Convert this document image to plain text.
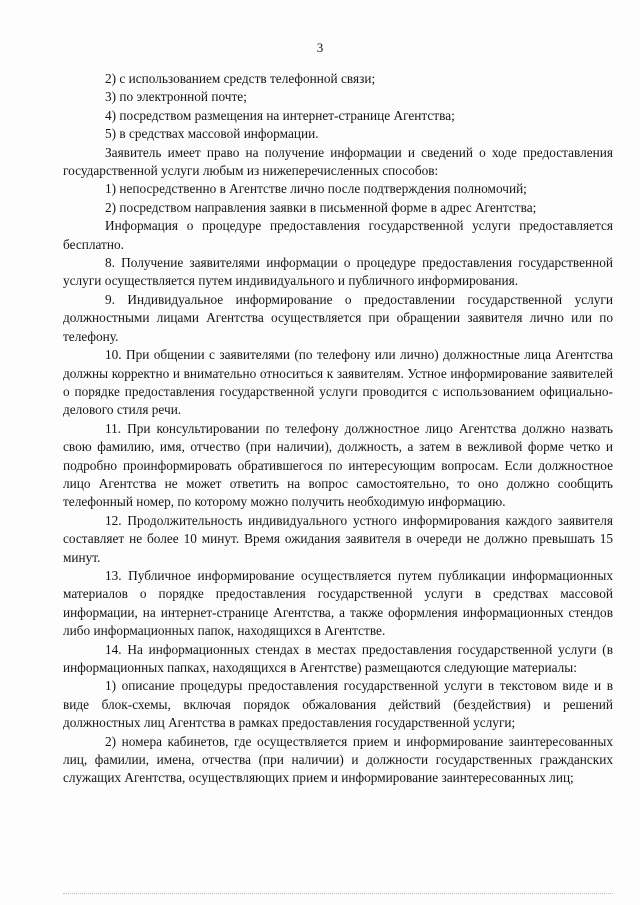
3

2) с использованием средств телефонной связи;

3) по электронной почте;

4) посредством размещения на интернет-странице Агентства;

5) в средствах массовой информации.

Заявитель имеет право на получение информации и сведений о ходе предоставления государственной услуги любым из нижеперечисленных способов:

1) непосредственно в Агентстве лично после подтверждения полномочий;

2) посредством направления заявки в письменной форме в адрес Агентства;

Информация о процедуре предоставления государственной услуги предоставляется бесплатно.

8. Получение заявителями информации о процедуре предоставления государственной услуги осуществляется путем индивидуального и публичного информирования.

9. Индивидуальное информирование о предоставлении государственной услуги должностными лицами Агентства осуществляется при обращении заявителя лично или по телефону.

10. При общении с заявителями (по телефону или лично) должностные лица Агентства должны корректно и внимательно относиться к заявителям. Устное информирование заявителей о порядке предоставления государственной услуги проводится с использованием официально-делового стиля речи.

11. При консультировании по телефону должностное лицо Агентства должно назвать свою фамилию, имя, отчество (при наличии), должность, а затем в вежливой форме четко и подробно проинформировать обратившегося по интересующим вопросам. Если должностное лицо Агентства не может ответить на вопрос самостоятельно, то оно должно сообщить телефонный номер, по которому можно получить необходимую информацию.

12. Продолжительность индивидуального устного информирования каждого заявителя составляет не более 10 минут. Время ожидания заявителя в очереди не должно превышать 15 минут.

13. Публичное информирование осуществляется путем публикации информационных материалов о порядке предоставления государственной услуги в средствах массовой информации, на интернет-странице Агентства, а также оформления информационных стендов либо информационных папок, находящихся в Агентстве.

14. На информационных стендах в местах предоставления государственной услуги (в информационных папках, находящихся в Агентстве) размещаются следующие материалы:

1) описание процедуры предоставления государственной услуги в текстовом виде и в виде блок-схемы, включая порядок обжалования действий (бездействия) и решений должностных лиц Агентства в рамках предоставления государственной услуги;

2) номера кабинетов, где осуществляется прием и информирование заинтересованных лиц, фамилии, имена, отчества (при наличии) и должности государственных гражданских служащих Агентства, осуществляющих прием и информирование заинтересованных лиц;
